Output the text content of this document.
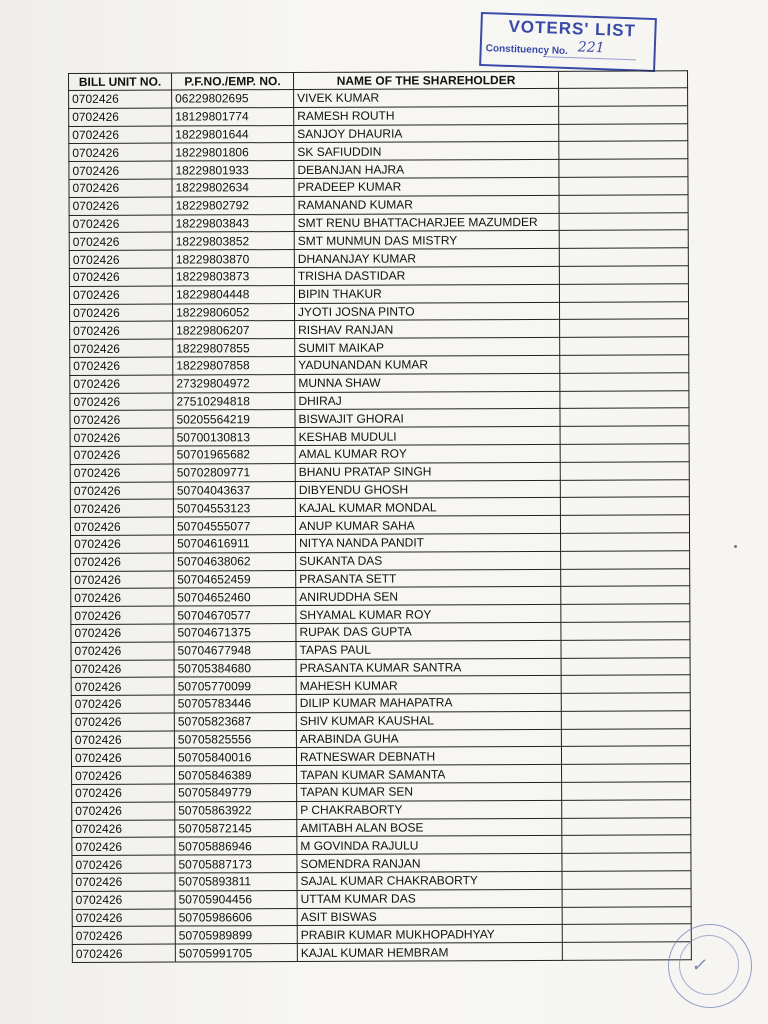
VOTERS' LIST
Constituency No. 221
BILL UNIT NO.	P.F.NO./EMP. NO.	NAME OF THE SHAREHOLDER	
0702426	06229802695	VIVEK KUMAR	
0702426	18129801774	RAMESH ROUTH	
0702426	18229801644	SANJOY DHAURIA	
0702426	18229801806	SK SAFIUDDIN	
0702426	18229801933	DEBANJAN HAJRA	
0702426	18229802634	PRADEEP KUMAR	
0702426	18229802792	RAMANAND KUMAR	
0702426	18229803843	SMT RENU BHATTACHARJEE MAZUMDER	
0702426	18229803852	SMT MUNMUN DAS MISTRY	
0702426	18229803870	DHANANJAY KUMAR	
0702426	18229803873	TRISHA DASTIDAR	
0702426	18229804448	BIPIN THAKUR	
0702426	18229806052	JYOTI JOSNA PINTO	
0702426	18229806207	RISHAV RANJAN	
0702426	18229807855	SUMIT MAIKAP	
0702426	18229807858	YADUNANDAN KUMAR	
0702426	27329804972	MUNNA SHAW	
0702426	27510294818	DHIRAJ	
0702426	50205564219	BISWAJIT GHORAI	
0702426	50700130813	KESHAB MUDULI	
0702426	50701965682	AMAL KUMAR ROY	
0702426	50702809771	BHANU PRATAP SINGH	
0702426	50704043637	DIBYENDU GHOSH	
0702426	50704553123	KAJAL KUMAR MONDAL	
0702426	50704555077	ANUP KUMAR SAHA	
0702426	50704616911	NITYA NANDA PANDIT	
0702426	50704638062	SUKANTA DAS	
0702426	50704652459	PRASANTA SETT	
0702426	50704652460	ANIRUDDHA SEN	
0702426	50704670577	SHYAMAL KUMAR ROY	
0702426	50704671375	RUPAK DAS GUPTA	
0702426	50704677948	TAPAS PAUL	
0702426	50705384680	PRASANTA KUMAR SANTRA	
0702426	50705770099	MAHESH KUMAR	
0702426	50705783446	DILIP KUMAR MAHAPATRA	
0702426	50705823687	SHIV KUMAR KAUSHAL	
0702426	50705825556	ARABINDA GUHA	
0702426	50705840016	RATNESWAR DEBNATH	
0702426	50705846389	TAPAN KUMAR SAMANTA	
0702426	50705849779	TAPAN KUMAR SEN	
0702426	50705863922	P CHAKRABORTY	
0702426	50705872145	AMITABH ALAN BOSE	
0702426	50705886946	M GOVINDA RAJULU	
0702426	50705887173	SOMENDRA RANJAN	
0702426	50705893811	SAJAL KUMAR CHAKRABORTY	
0702426	50705904456	UTTAM KUMAR DAS	
0702426	50705986606	ASIT BISWAS	
0702426	50705989899	PRABIR KUMAR MUKHOPADHYAY	
0702426	50705991705	KAJAL KUMAR HEMBRAM	
✓
